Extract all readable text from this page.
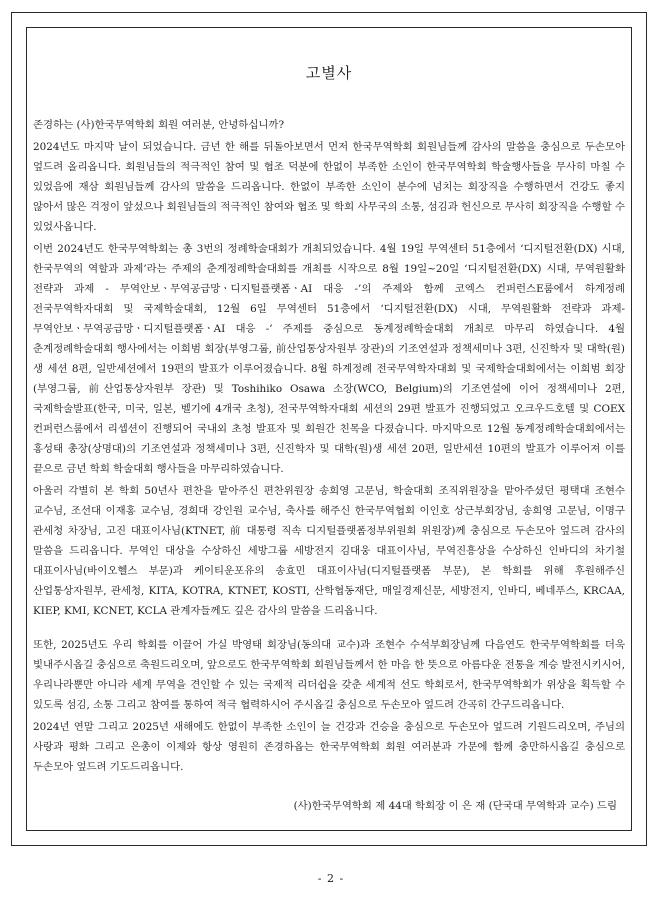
고별사

존경하는 (사)한국무역학회 회원 여러분, 안녕하십니까?

2024년도 마지막 날이 되었습니다. 금년 한 해를 뒤돌아보면서 먼저 한국무역학회 회원님들께 감사의 말씀을 충심으로 두손모아 엎드려 올리옵니다. 회원님들의 적극적인 참여 및 협조 덕분에 한없이 부족한 소인이 한국무역학회 학술행사들을 무사히 마칠 수 있었음에 재삼 회원님들께 감사의 말씀을 드리옵니다. 한없이 부족한 소인이 분수에 넘치는 회장직을 수행하면서 건강도 좋지 않아서 많은 걱정이 앞섰으나 회원님들의 적극적인 참여와 협조 및 학회 사무국의 소통, 섬김과 헌신으로 무사히 회장직을 수행할 수 있었사옵니다.

이번 2024년도 한국무역학회는 총 3번의 정례학술대회가 개최되었습니다. 4월 19일 무역센터 51층에서 ‘디지털전환(DX) 시대, 한국무역의 역할과 과제’라는 주제의 춘계정례학술대회를 개최를 시작으로 8월 19일~20일 ‘디지털전환(DX) 시대, 무역원활화 전략과 과제 - 무역안보ㆍ무역공급망ㆍ디지털플랫폼ㆍAI 대응 -’의 주제와 함께 코엑스 컨퍼런스E룸에서 하계정례 전국무역학자대회 및 국제학술대회, 12월 6일 무역센터 51층에서 ‘디지털전환(DX) 시대, 무역원활화 전략과 과제- 무역안보ㆍ무역공급망ㆍ디지털플랫폼ㆍAI 대응 -’ 주제를 중심으로 동계정례학술대회 개최로 마무리 하였습니다. 4월 춘계정례학술대회 행사에서는 이희범 회장(부영그룹, 前산업통상자원부 장관)의 기조연설과 정책세미나 3편, 신진학자 및 대학(원)생 세션 8편, 일반세션에서 19편의 발표가 이루어졌습니다. 8월 하계정례 전국무역학자대회 및 국제학술대회에서는 이희범 회장(부영그룹, 前산업통상자원부 장관) 및 Toshihiko Osawa 소장(WCO, Belgium)의 기조연설에 이어 정책세미나 2편, 국제학술발표(한국, 미국, 일본, 벨기에 4개국 초청), 전국무역학자대회 세션의 29편 발표가 진행되었고 오크우드호텔 및 COEX 컨퍼런스룸에서 리셉션이 진행되어 국내외 초청 발표자 및 회원간 친목을 다졌습니다. 마지막으로 12월 동계정례학술대회에서는 홍성태 총장(상명대)의 기조연설과 정책세미나 3편, 신진학자 및 대학(원)생 세션 20편, 일반세션 10편의 발표가 이루어져 이를 끝으로 금년 학회 학술대회 행사들을 마무리하였습니다.

아울러 각별히 본 학회 50년사 편찬을 맡아주신 편찬위원장 송희영 고문님, 학술대회 조직위원장을 맡아주셨던 평택대 조현수 교수님, 조선대 이재홍 교수님, 경희대 강인원 교수님, 축사를 해주신 한국무역협회 이인호 상근부회장님, 송희영 고문님, 이명구 관세청 차장님, 고진 대표이사님(KTNET, 前 대통령 직속 디지털플랫폼정부위원회 위원장)께 충심으로 두손모아 엎드려 감사의 말씀을 드리옵니다. 무역인 대상을 수상하신 세방그룹 세방전지 김대웅 대표이사님, 무역진흥상을 수상하신 인바디의 차기철 대표이사님(바이오헬스 부문)과 케이티운포유의 송효민 대표이사님(디지털플랫폼 부문), 본 학회를 위해 후원해주신 산업통상자원부, 관세청, KITA, KOTRA, KTNET, KOSTI, 산학협동재단, 매일경제신문, 세방전지, 인바디, 베네푸스, KRCAA, KIEP, KMI, KCNET, KCLA 관계자들께도 깊은 감사의 말씀을 드리옵니다.

또한, 2025년도 우리 학회를 이끌어 가실 박영태 회장님(동의대 교수)과 조현수 수석부회장님께 다음연도 한국무역학회를 더욱 빛내주시옵길 충심으로 축원드리오며, 앞으로도 한국무역학회 회원님들께서 한 마음 한 뜻으로 아름다운 전통을 계승 발전시키시어, 우리나라뿐만 아니라 세계 무역을 견인할 수 있는 국제적 리더쉽을 갖춘 세계적 선도 학회로서, 한국무역학회가 위상을 획득할 수 있도록 섬김, 소통 그리고 참여를 통하여 적극 협력하시어 주시옵길 충심으로 두손모아 엎드려 간곡히 간구드리옵니다.

2024년 연말 그리고 2025년 새해에도 한없이 부족한 소인이 늘 건강과 건승을 충심으로 두손모아 엎드려 기원드리오며, 주님의 사랑과 평화 그리고 은총이 이제와 항상 영원히 존경하옵는 한국무역학회 회원 여러분과 가문에 함께 충만하시옵길 충심으로 두손모아 엎드려 기도드리옵니다.

(사)한국무역학회 제 44대 학회장 이 은 재 (단국대 무역학과 교수) 드림
- 2 -
